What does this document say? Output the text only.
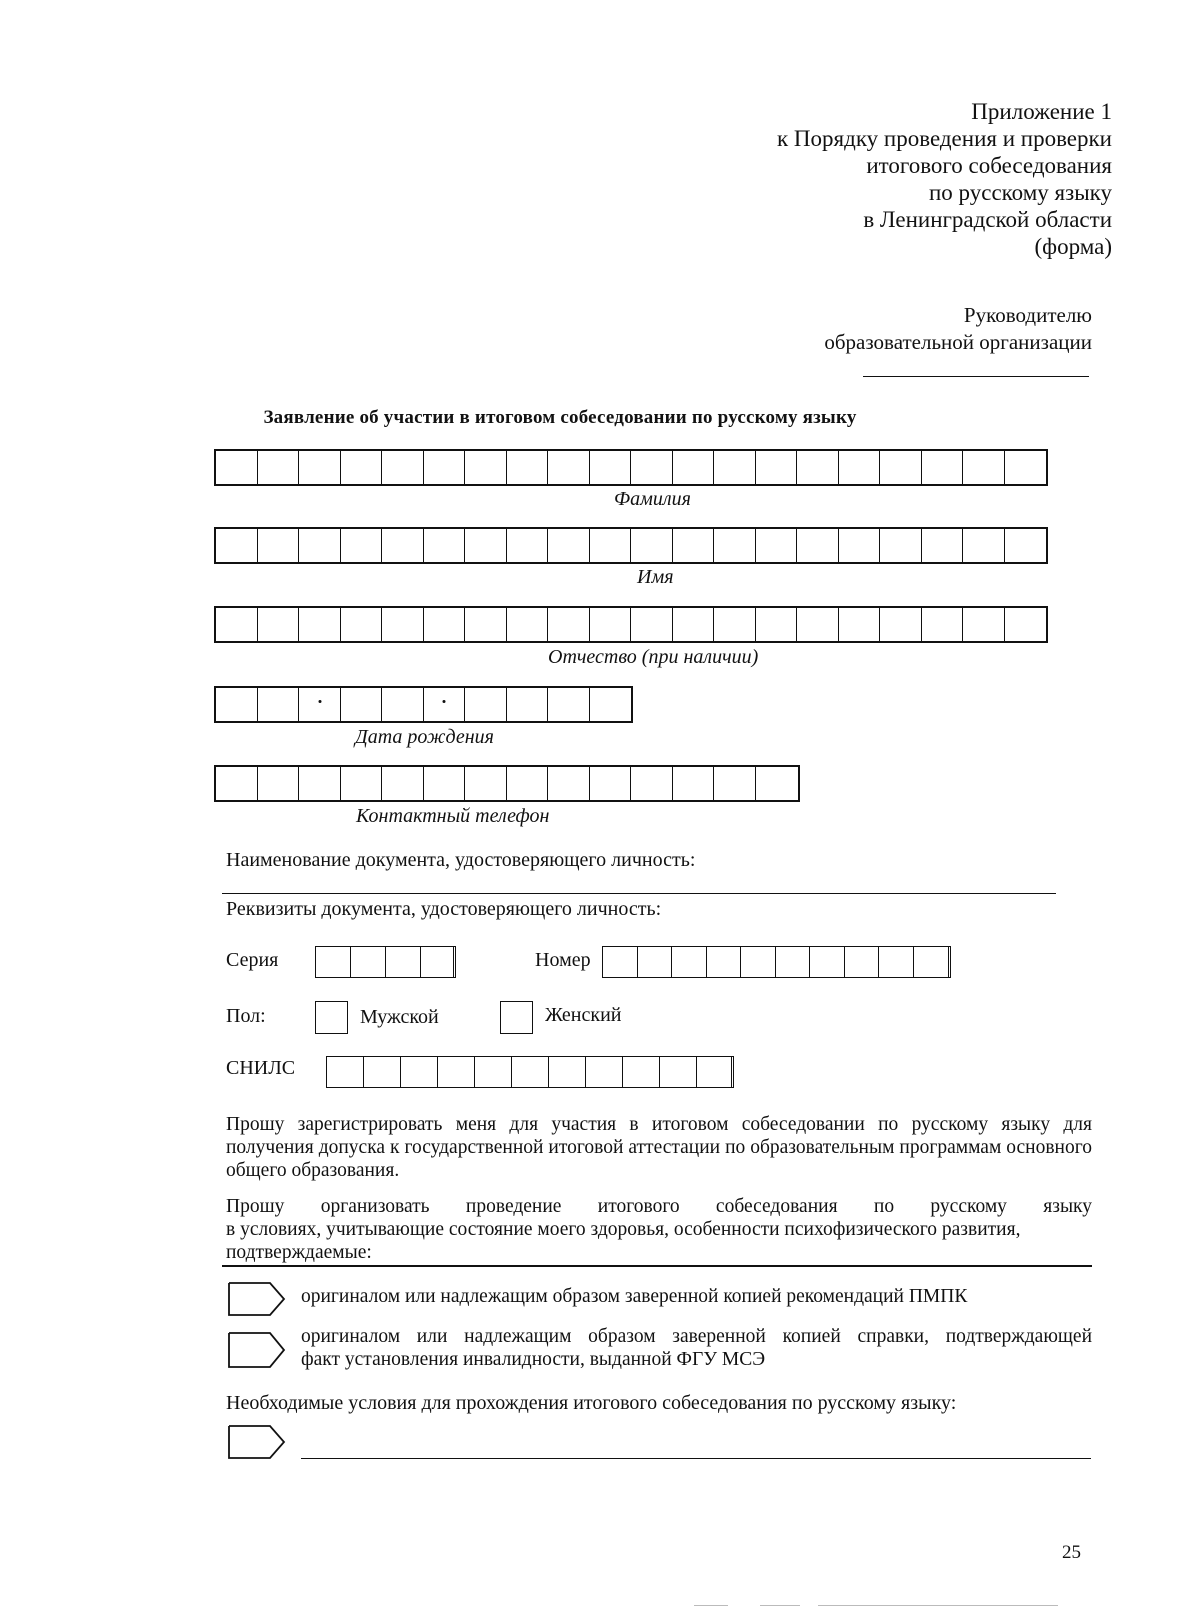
Приложение 1
к Порядку проведения и проверки
итогового собеседования
по русскому языку
в Ленинградской области
(форма)
Руководителю
образовательной организации
Заявление об участии в итоговом собеседовании по русскому языку
Фамилия
Имя
Отчество (при наличии)
Дата рождения
Контактный телефон
Наименование документа, удостоверяющего личность:
Реквизиты документа, удостоверяющего личность:
Серия	Номер
Пол:	Мужской	Женский
СНИЛС
Прошу зарегистрировать меня для участия в итоговом собеседовании по русскому языку для получения допуска к государственной итоговой аттестации по образовательным программам основного общего образования.
Прошу организовать проведение итогового собеседования по русскому языку
в условиях, учитывающие состояние моего здоровья, особенности психофизического развития,
подтверждаемые:
оригиналом или надлежащим образом заверенной копией рекомендаций ПМПК
оригиналом или надлежащим образом заверенной копией справки, подтверждающей
факт установления инвалидности, выданной ФГУ МСЭ
Необходимые условия для прохождения итогового собеседования по русскому языку:
25
